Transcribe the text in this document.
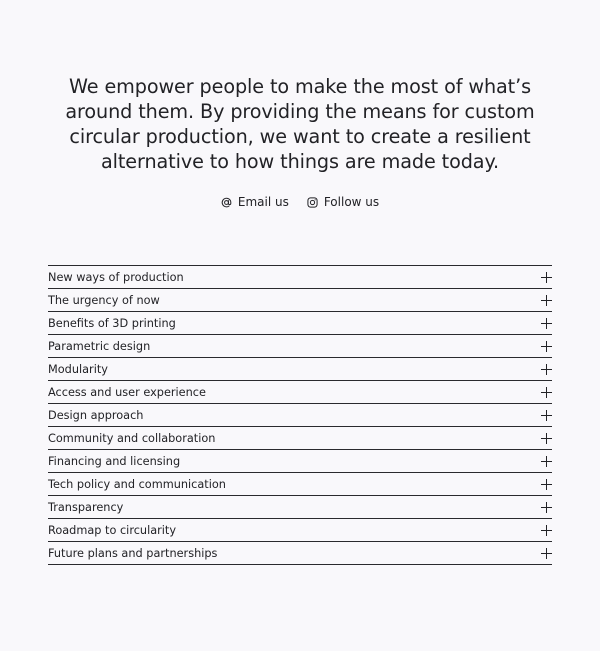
We empower people to make the most of what’s around them. By providing the means for custom circular production, we want to create a resilient alternative to how things are made today.

Email us	Follow us
New ways of production
The urgency of now
Benefits of 3D printing
Parametric design
Modularity
Access and user experience
Design approach
Community and collaboration
Financing and licensing
Tech policy and communication
Transparency
Roadmap to circularity
Future plans and partnerships
